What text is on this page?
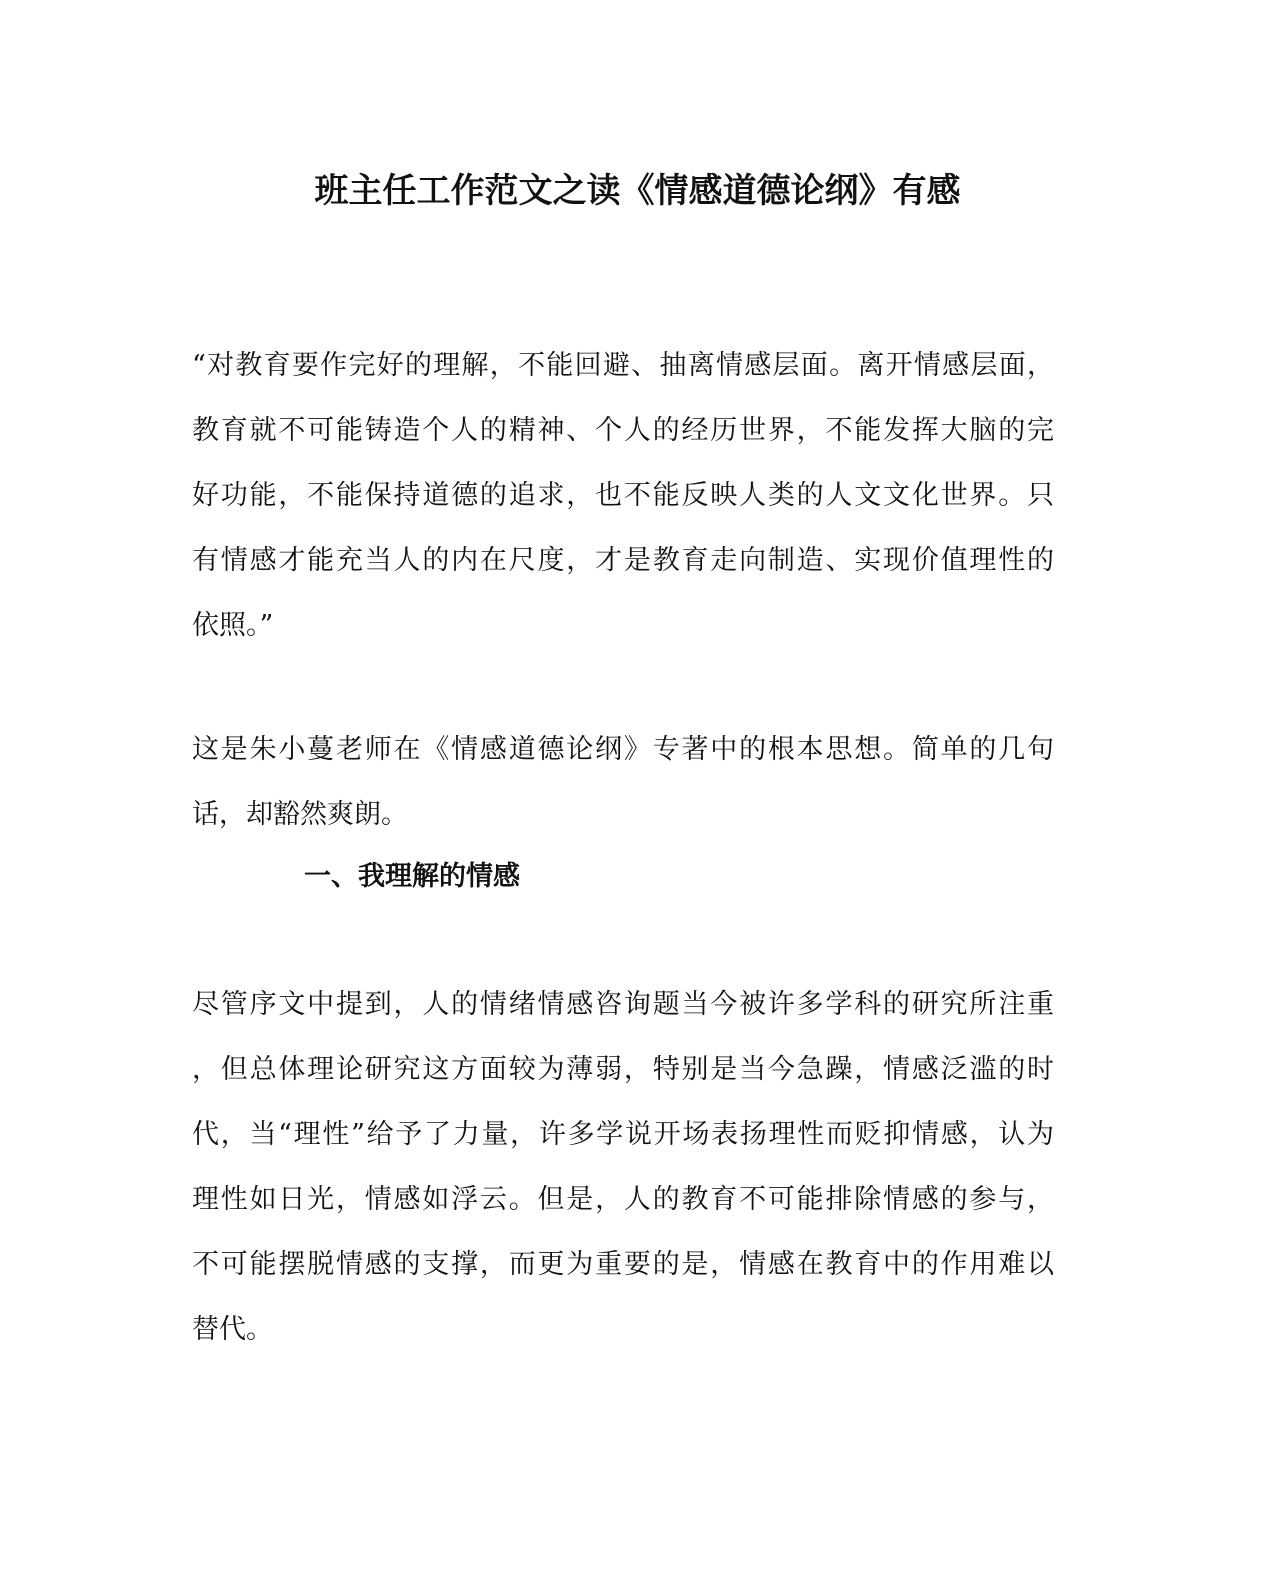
班主任工作范文之读《情感道德论纲》有感
“对教育要作完好的理解，不能回避、抽离情感层面。离开情感层面，
教育就不可能铸造个人的精神、个人的经历世界，不能发挥大脑的完
好功能，不能保持道德的追求，也不能反映人类的人文文化世界。只
有情感才能充当人的内在尺度，才是教育走向制造、实现价值理性的
依照。”
这是朱小蔓老师在《情感道德论纲》专著中的根本思想。简单的几句
话，却豁然爽朗。
一、我理解的情感
尽管序文中提到，人的情绪情感咨询题当今被许多学科的研究所注重
，但总体理论研究这方面较为薄弱，特别是当今急躁，情感泛滥的时
代，当“理性”给予了力量，许多学说开场表扬理性而贬抑情感，认为
理性如日光，情感如浮云。但是，人的教育不可能排除情感的参与，
不可能摆脱情感的支撑，而更为重要的是，情感在教育中的作用难以
替代。
